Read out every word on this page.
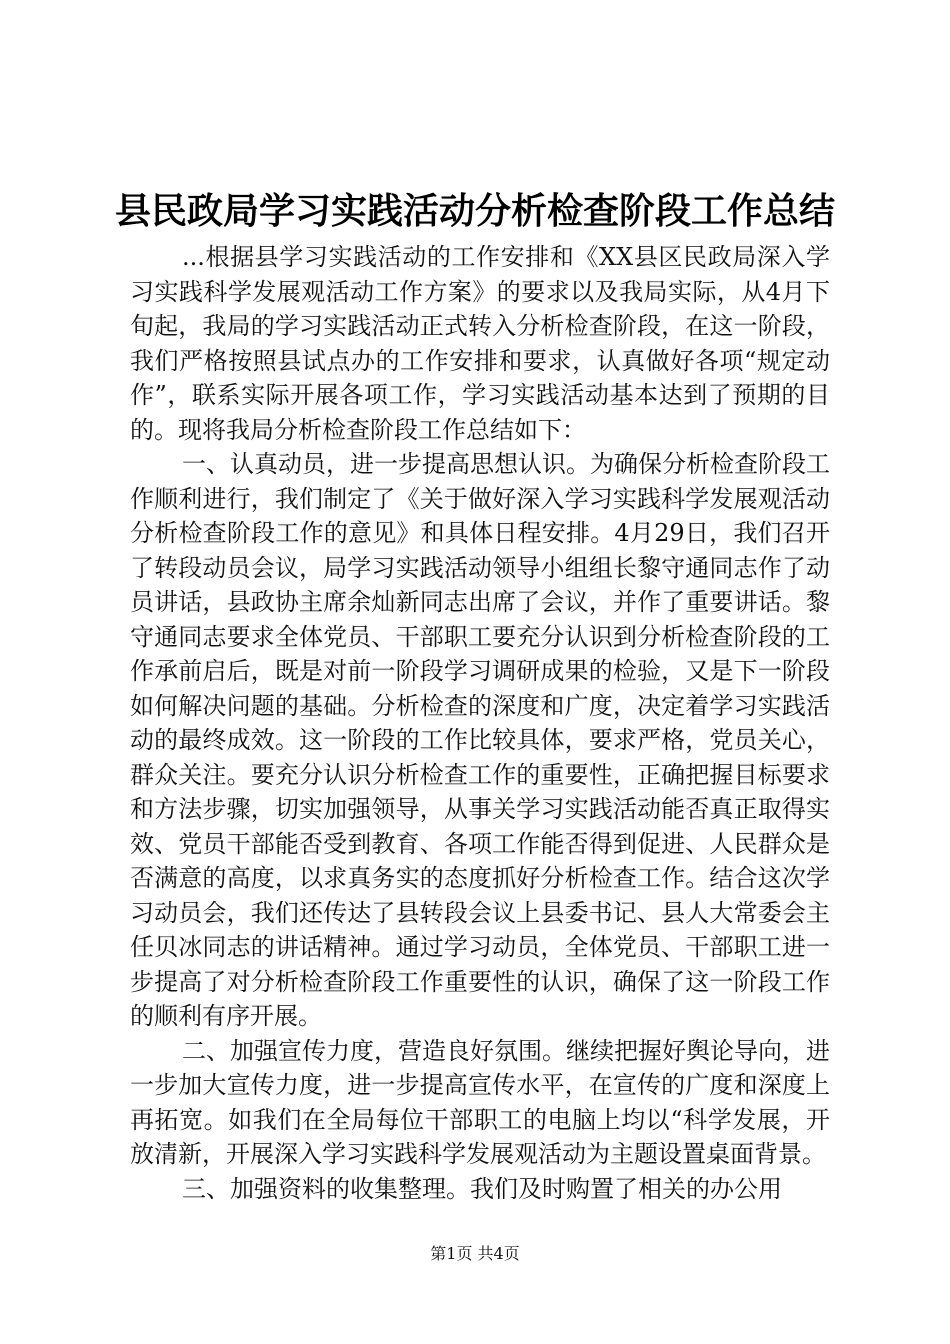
县民政局学习实践活动分析检查阶段工作总结

...根据县学习实践活动的工作安排和《XX县区民政局深入学习实践科学发展观活动工作方案》的要求以及我局实际，从4月下旬起，我局的学习实践活动正式转入分析检查阶段，在这一阶段，我们严格按照县试点办的工作安排和要求，认真做好各项“规定动作”，联系实际开展各项工作，学习实践活动基本达到了预期的目的。现将我局分析检查阶段工作总结如下：

一、认真动员，进一步提高思想认识。为确保分析检查阶段工作顺利进行，我们制定了《关于做好深入学习实践科学发展观活动分析检查阶段工作的意见》和具体日程安排。4月29日，我们召开了转段动员会议，局学习实践活动领导小组组长黎守通同志作了动员讲话，县政协主席余灿新同志出席了会议，并作了重要讲话。黎守通同志要求全体党员、干部职工要充分认识到分析检查阶段的工作承前启后，既是对前一阶段学习调研成果的检验，又是下一阶段如何解决问题的基础。分析检查的深度和广度，决定着学习实践活动的最终成效。这一阶段的工作比较具体，要求严格，党员关心，群众关注。要充分认识分析检查工作的重要性，正确把握目标要求和方法步骤，切实加强领导，从事关学习实践活动能否真正取得实效、党员干部能否受到教育、各项工作能否得到促进、人民群众是否满意的高度，以求真务实的态度抓好分析检查工作。结合这次学习动员会，我们还传达了县转段会议上县委书记、县人大常委会主任贝冰同志的讲话精神。通过学习动员，全体党员、干部职工进一步提高了对分析检查阶段工作重要性的认识，确保了这一阶段工作的顺利有序开展。

二、加强宣传力度，营造良好氛围。继续把握好舆论导向，进一步加大宣传力度，进一步提高宣传水平，在宣传的广度和深度上再拓宽。如我们在全局每位干部职工的电脑上均以“科学发展，开放清新，开展深入学习实践科学发展观活动为主题设置桌面背景。

三、加强资料的收集整理。我们及时购置了相关的办公用

第1页 共4页
